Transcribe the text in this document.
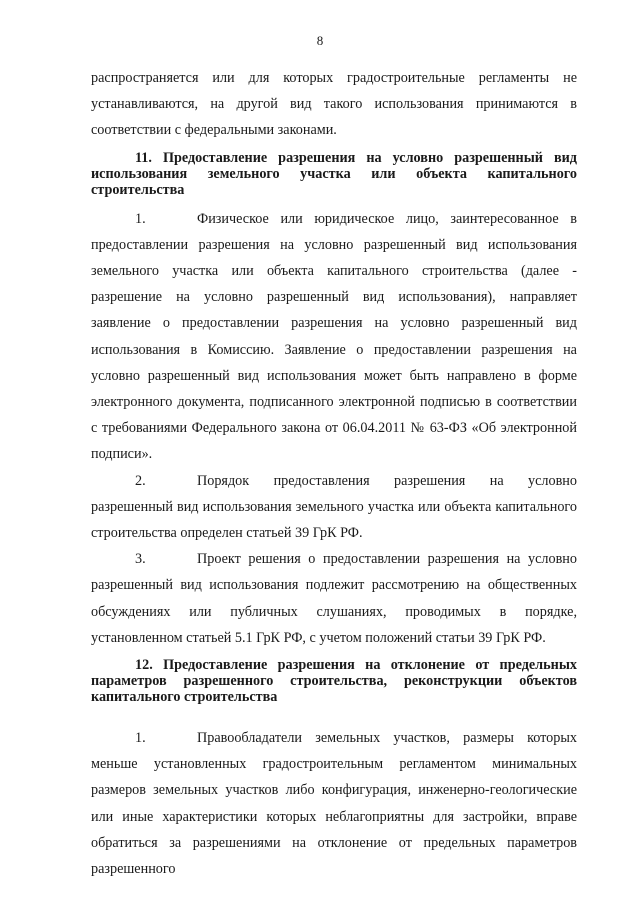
8

распространяется или для которых градостроительные регламенты не устанавливаются, на другой вид такого использования принимаются в соответствии с федеральными законами.

11. Предоставление разрешения на условно разрешенный вид использования земельного участка или объекта капитального строительства

1.	Физическое или юридическое лицо, заинтересованное в предоставлении разрешения на условно разрешенный вид использования земельного участка или объекта капитального строительства (далее - разрешение на условно разрешенный вид использования), направляет заявление о предоставлении разрешения на условно разрешенный вид использования в Комиссию. Заявление о предоставлении разрешения на условно разрешенный вид использования может быть направлено в форме электронного документа, подписанного электронной подписью в соответствии с требованиями Федерального закона от 06.04.2011 № 63-ФЗ «Об электронной подписи».

2.	Порядок предоставления разрешения на условно разрешенный вид использования земельного участка или объекта капитального строительства определен статьей 39 ГрК РФ.

3.	Проект решения о предоставлении разрешения на условно разрешенный вид использования подлежит рассмотрению на общественных обсуждениях или публичных слушаниях, проводимых в порядке, установленном статьей 5.1 ГрК РФ, с учетом положений статьи 39 ГрК РФ.

12. Предоставление разрешения на отклонение от предельных параметров разрешенного строительства, реконструкции объектов капитального строительства

1.	Правообладатели земельных участков, размеры которых меньше установленных градостроительным регламентом минимальных размеров земельных участков либо конфигурация, инженерно-геологические или иные характеристики которых неблагоприятны для застройки, вправе обратиться за разрешениями на отклонение от предельных параметров разрешенного
